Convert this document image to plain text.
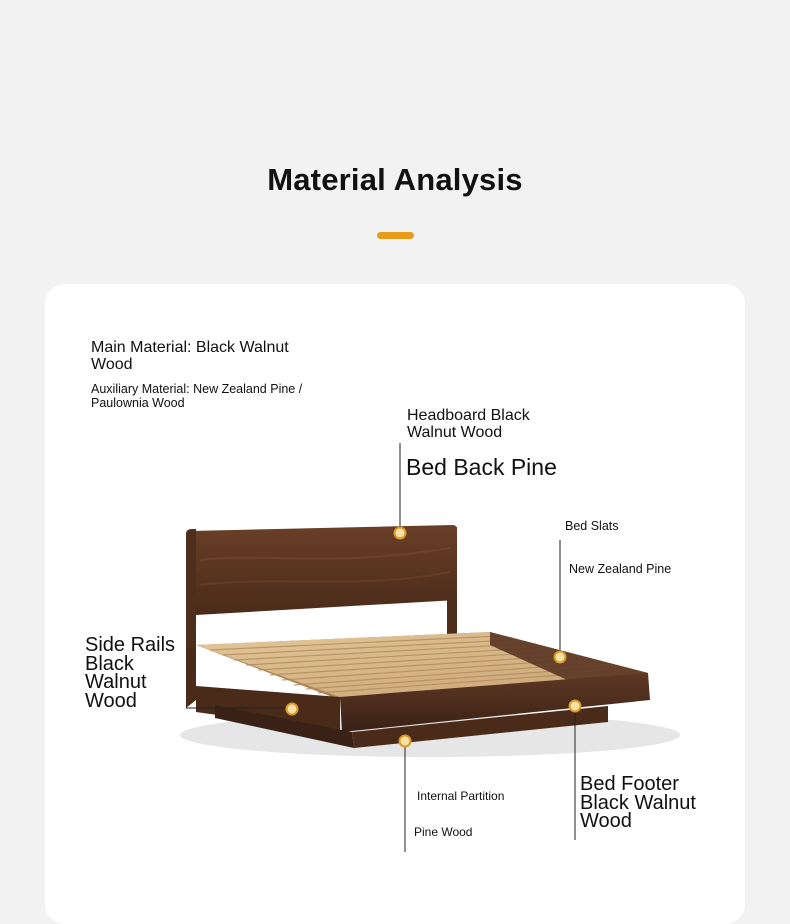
Material Analysis

Main Material: Black Walnut Wood

Auxiliary Material: New Zealand Pine / Paulownia Wood

Headboard Black Walnut Wood

Bed Back Pine

Bed Slats

New Zealand Pine

Side Rails Black Walnut Wood

Internal Partition

Pine Wood

Bed Footer Black Walnut Wood
